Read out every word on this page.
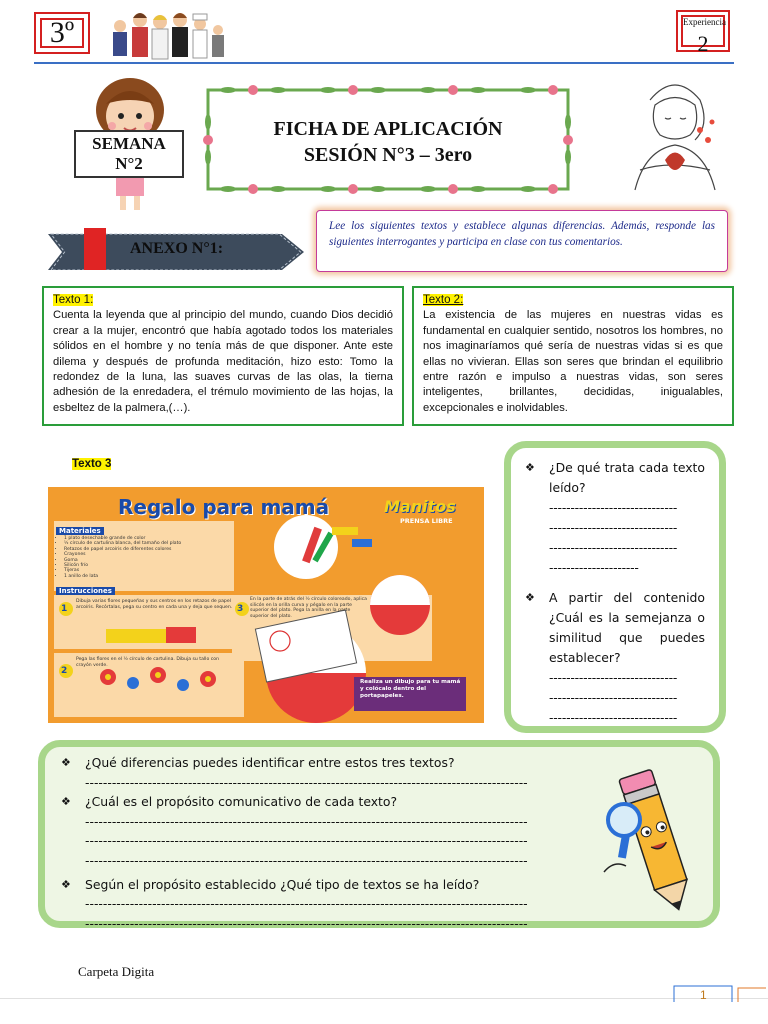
3º	Experiencia
2
SEMANA
N°2
FICHA DE APLICACIÓN
SESIÓN N°3 – 3ero
ANEXO N°1:
Lee los siguientes textos y establece algunas diferencias. Además, responde las siguientes interrogantes y participa en clase con tus comentarios.
Texto 1:
Cuenta la leyenda que al principio del mundo, cuando Dios decidió crear a la mujer, encontró que había agotado todos los materiales sólidos en el hombre y no tenía más de que disponer. Ante este dilema y después de profunda meditación, hizo esto: Tomo la redondez de la luna, las suaves curvas de las olas, la tierna adhesión de la enredadera, el trémulo movimiento de las hojas, la esbeltez de la palmera,(…).
Texto 2:
La existencia de las mujeres en nuestras vidas es fundamental en cualquier sentido, nosotros los hombres, no nos imaginaríamos qué sería de nuestras vidas si es que ellas no vivieran. Ellas son seres que brindan el equilibrio entre razón e impulso a nuestras vidas, son seres inteligentes, brillantes, decididas, inigualables, excepcionales e inolvidables.
Texto 3
Regalo para mamá	Manitos
PRENSA LIBRE
Materiales
• 1 plato desechable grande de color
• ½ círculo de cartulina blanca, del tamaño del plato
• Retazos de papel arcoíris de diferentes colores
• Crayones
• Goma
• Silicón frío
• Tijeras
• 1 anillo de lata
Instrucciones
1
Dibuja varias flores pequeñas y sus centros en los retazos de papel arcoíris. Recórtalas, pega su centro en cada una y deja que sequen.
2
Pega las flores en el ½ círculo de cartulina. Dibuja su tallo con crayón verde.
3
En la parte de atrás del ½ círculo coloreado, aplica silicón en la orilla curva y pégalo en la parte superior del plato. Pega la anilla en la parte superior del plato.
Realiza un dibujo para tu mamá y colócalo dentro del portapapeles.
❖ ¿De qué trata cada texto leído?
------------------------------
------------------------------
------------------------------
---------------------
❖ A partir del contenido ¿Cuál es la semejanza o similitud que puedes establecer?
------------------------------
------------------------------
------------------------------
❖ ¿Qué diferencias puedes identificar entre estos tres textos?
---------------------------------------------------------------------------------------------------
❖ ¿Cuál es el propósito comunicativo de cada texto?
---------------------------------------------------------------------------------------------------
---------------------------------------------------------------------------------------------------
---------------------------------------------------------------------------------------------------
❖ Según el propósito establecido ¿Qué tipo de textos se ha leído?
---------------------------------------------------------------------------------------------------
---------------------------------------------------------------------------------------------------
Carpeta Digita
1
